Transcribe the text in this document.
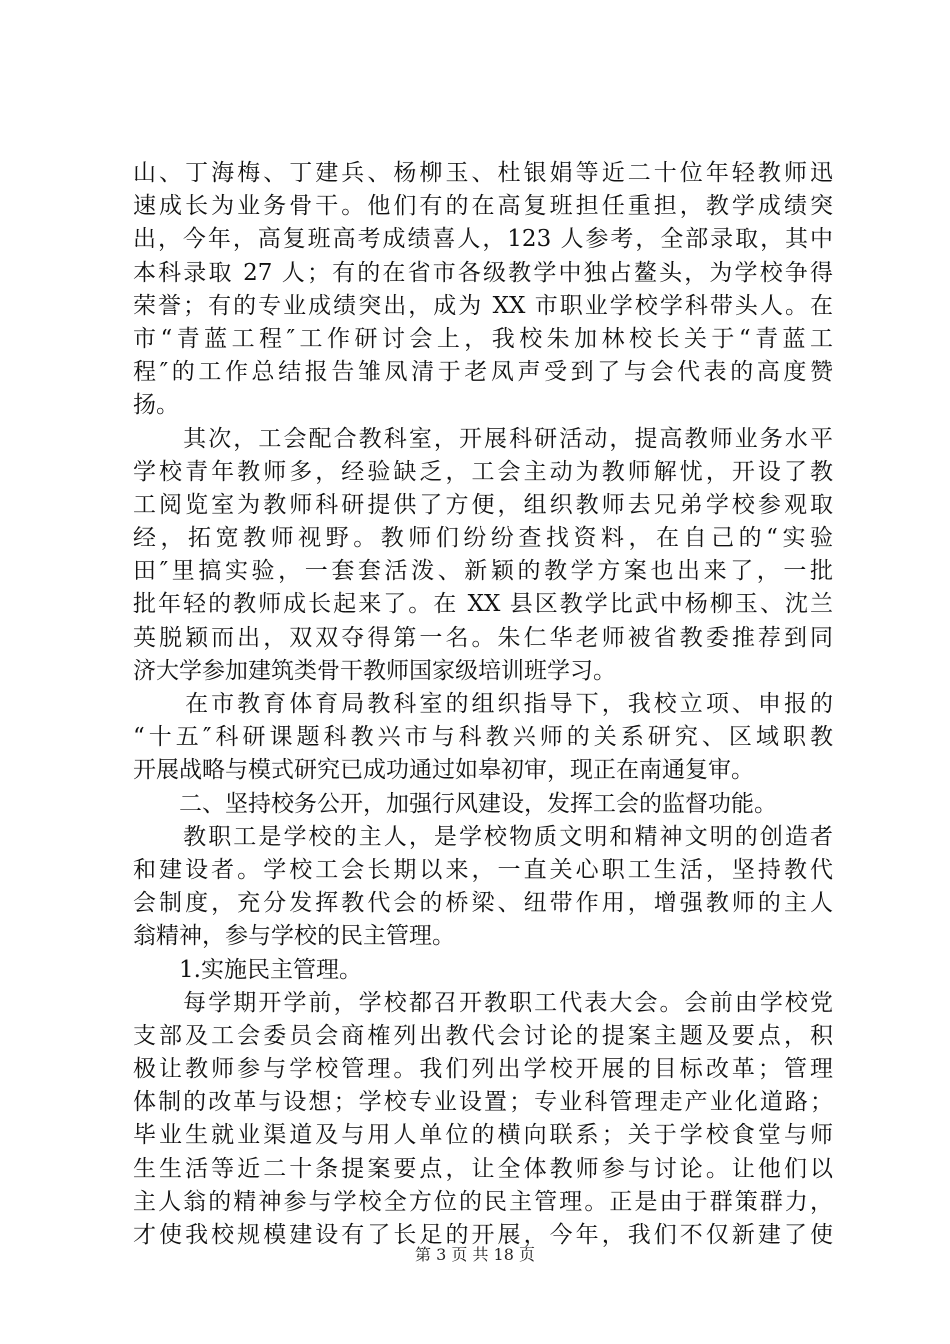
山、丁海梅、丁建兵、杨柳玉、杜银娟等近二十位年轻教师迅
速成长为业务骨干。他们有的在高复班担任重担，教学成绩突
出，今年，高复班高考成绩喜人，123 人参考，全部录取，其中
本科录取 27 人；有的在省市各级教学中独占鳌头，为学校争得
荣誉；有的专业成绩突出，成为 XX 市职业学校学科带头人。在
市“青蓝工程″工作研讨会上，我校朱加林校长关于“青蓝工
程″的工作总结报告雏凤清于老凤声受到了与会代表的高度赞
扬。
　　其次，工会配合教科室，开展科研活动，提高教师业务水平
学校青年教师多，经验缺乏，工会主动为教师解忧，开设了教
工阅览室为教师科研提供了方便，组织教师去兄弟学校参观取
经，拓宽教师视野。教师们纷纷查找资料，在自己的“实验
田″里搞实验，一套套活泼、新颖的教学方案也出来了，一批
批年轻的教师成长起来了。在 XX 县区教学比武中杨柳玉、沈兰
英脱颖而出，双双夺得第一名。朱仁华老师被省教委推荐到同
济大学参加建筑类骨干教师国家级培训班学习。
　　在市教育体育局教科室的组织指导下，我校立项、申报的
“十五″科研课题科教兴市与科教兴师的关系研究、区域职教
开展战略与模式研究已成功通过如皋初审，现正在南通复审。
　　二、坚持校务公开，加强行风建设，发挥工会的监督功能。
　　教职工是学校的主人，是学校物质文明和精神文明的创造者
和建设者。学校工会长期以来，一直关心职工生活，坚持教代
会制度，充分发挥教代会的桥梁、纽带作用，增强教师的主人
翁精神，参与学校的民主管理。
　　1.实施民主管理。
　　每学期开学前，学校都召开教职工代表大会。会前由学校党
支部及工会委员会商榷列出教代会讨论的提案主题及要点，积
极让教师参与学校管理。我们列出学校开展的目标改革；管理
体制的改革与设想；学校专业设置；专业科管理走产业化道路；
毕业生就业渠道及与用人单位的横向联系；关于学校食堂与师
生生活等近二十条提案要点，让全体教师参与讨论。让他们以
主人翁的精神参与学校全方位的民主管理。正是由于群策群力，
才使我校规模建设有了长足的开展，今年，我们不仅新建了使
第 3 页 共 18 页
